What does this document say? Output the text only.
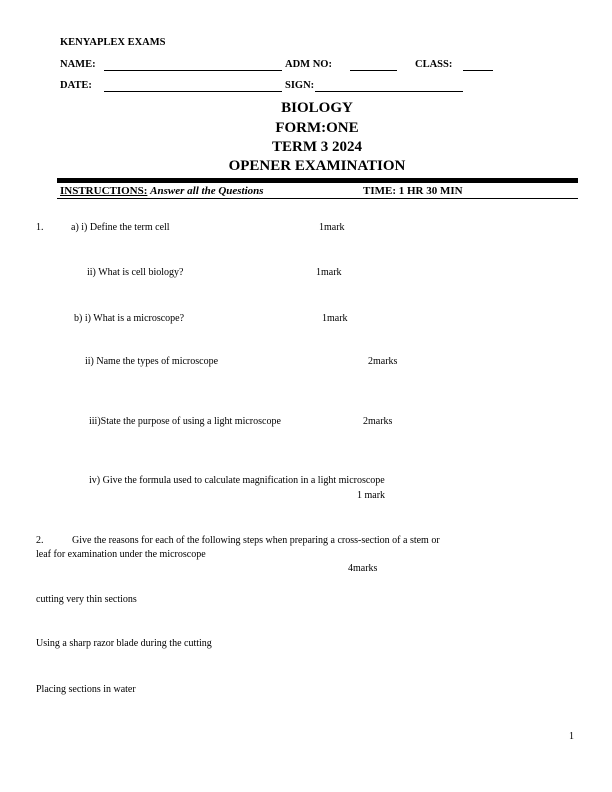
KENYAPLEX EXAMS
NAME:	ADM NO:	CLASS:
DATE:	SIGN:
BIOLOGY
FORM:ONE
TERM 3 2024
OPENER EXAMINATION
INSTRUCTIONS: Answer all the Questions	TIME: 1 HR 30 MIN
1.	a) i) Define the term cell	1mark
ii) What is cell biology?	1mark
b) i) What is a microscope?	1mark
ii) Name the types of microscope	2marks
iii)State the purpose of using a light microscope	2marks
iv) Give the formula used to calculate magnification in a light microscope
1 mark
2.	Give the reasons for each of the following steps when preparing a cross-section of a stem or
leaf for examination under the microscope
4marks
cutting very thin sections
Using a sharp razor blade during the cutting
Placing sections in water
1
